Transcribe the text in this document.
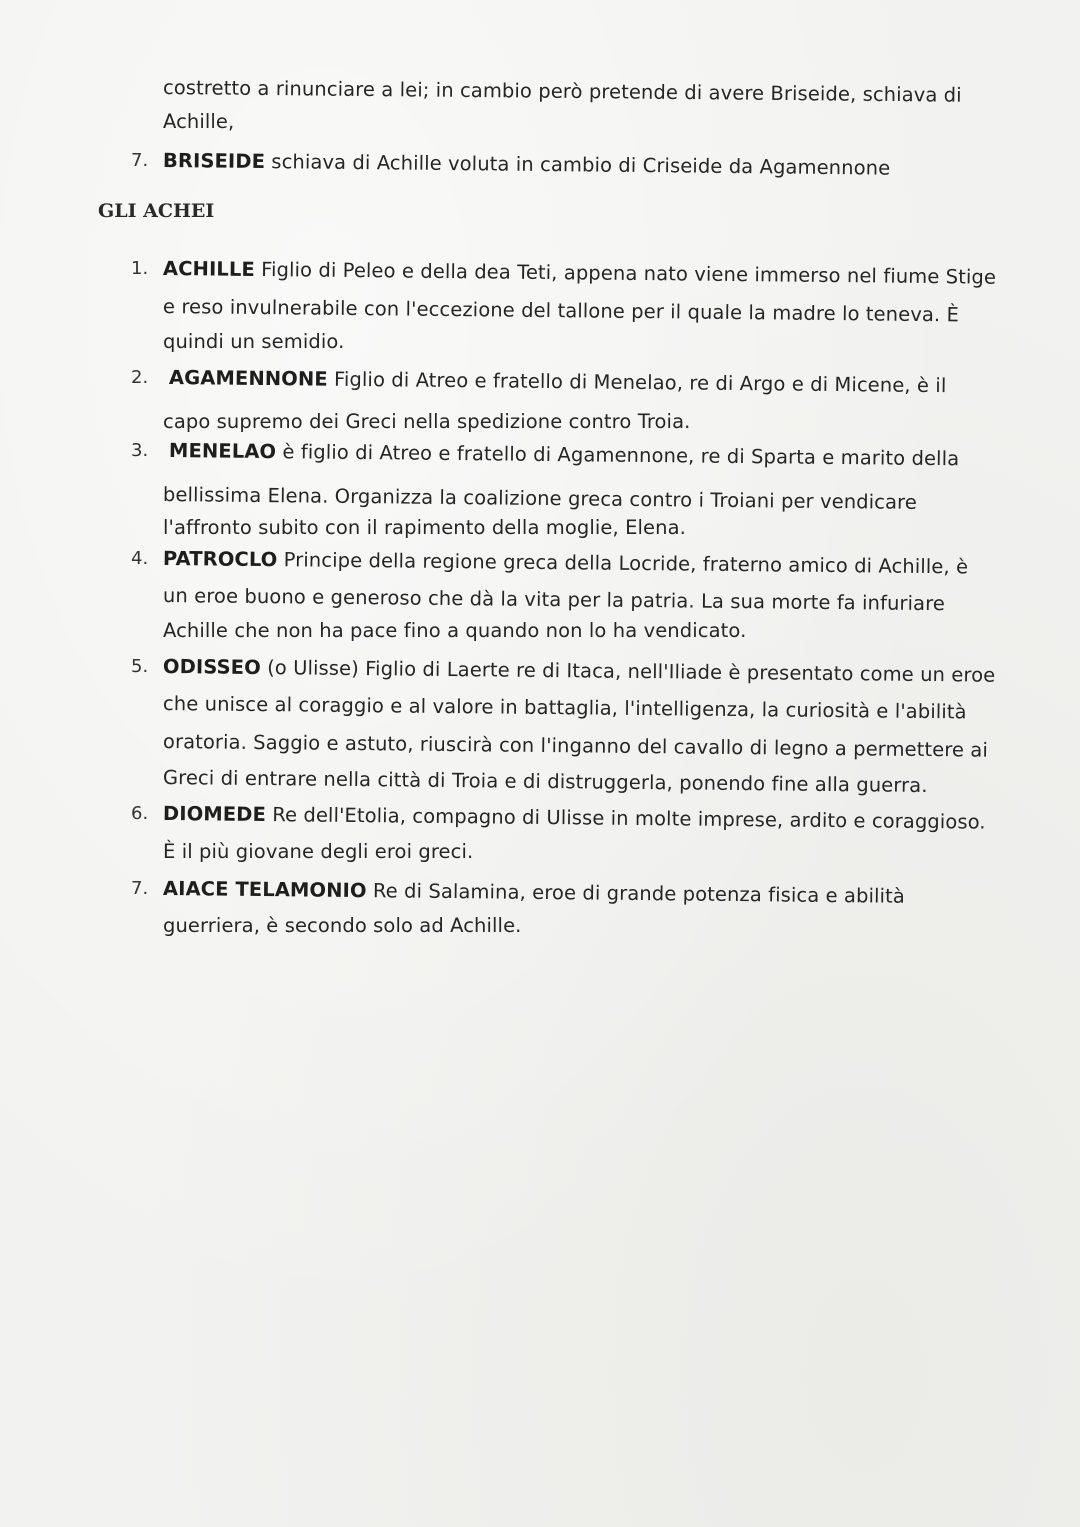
costretto a rinunciare a lei; in cambio però pretende di avere Briseide, schiava di
Achille,
7. BRISEIDE schiava di Achille voluta in cambio di Criseide da Agamennone
GLI ACHEI
1. ACHILLE Figlio di Peleo e della dea Teti, appena nato viene immerso nel fiume Stige
e reso invulnerabile con l'eccezione del tallone per il quale la madre lo teneva. È
quindi un semidio.
2. AGAMENNONE Figlio di Atreo e fratello di Menelao, re di Argo e di Micene, è il
capo supremo dei Greci nella spedizione contro Troia.
3. MENELAO è figlio di Atreo e fratello di Agamennone, re di Sparta e marito della
bellissima Elena. Organizza la coalizione greca contro i Troiani per vendicare
l'affronto subito con il rapimento della moglie, Elena.
4. PATROCLO Principe della regione greca della Locride, fraterno amico di Achille, è
un eroe buono e generoso che dà la vita per la patria. La sua morte fa infuriare
Achille che non ha pace fino a quando non lo ha vendicato.
5. ODISSEO (o Ulisse) Figlio di Laerte re di Itaca, nell'Iliade è presentato come un eroe
che unisce al coraggio e al valore in battaglia, l'intelligenza, la curiosità e l'abilità
oratoria. Saggio e astuto, riuscirà con l'inganno del cavallo di legno a permettere ai
Greci di entrare nella città di Troia e di distruggerla, ponendo fine alla guerra.
6. DIOMEDE Re dell'Etolia, compagno di Ulisse in molte imprese, ardito e coraggioso.
È il più giovane degli eroi greci.
7. AIACE TELAMONIO Re di Salamina, eroe di grande potenza fisica e abilità
guerriera, è secondo solo ad Achille.
